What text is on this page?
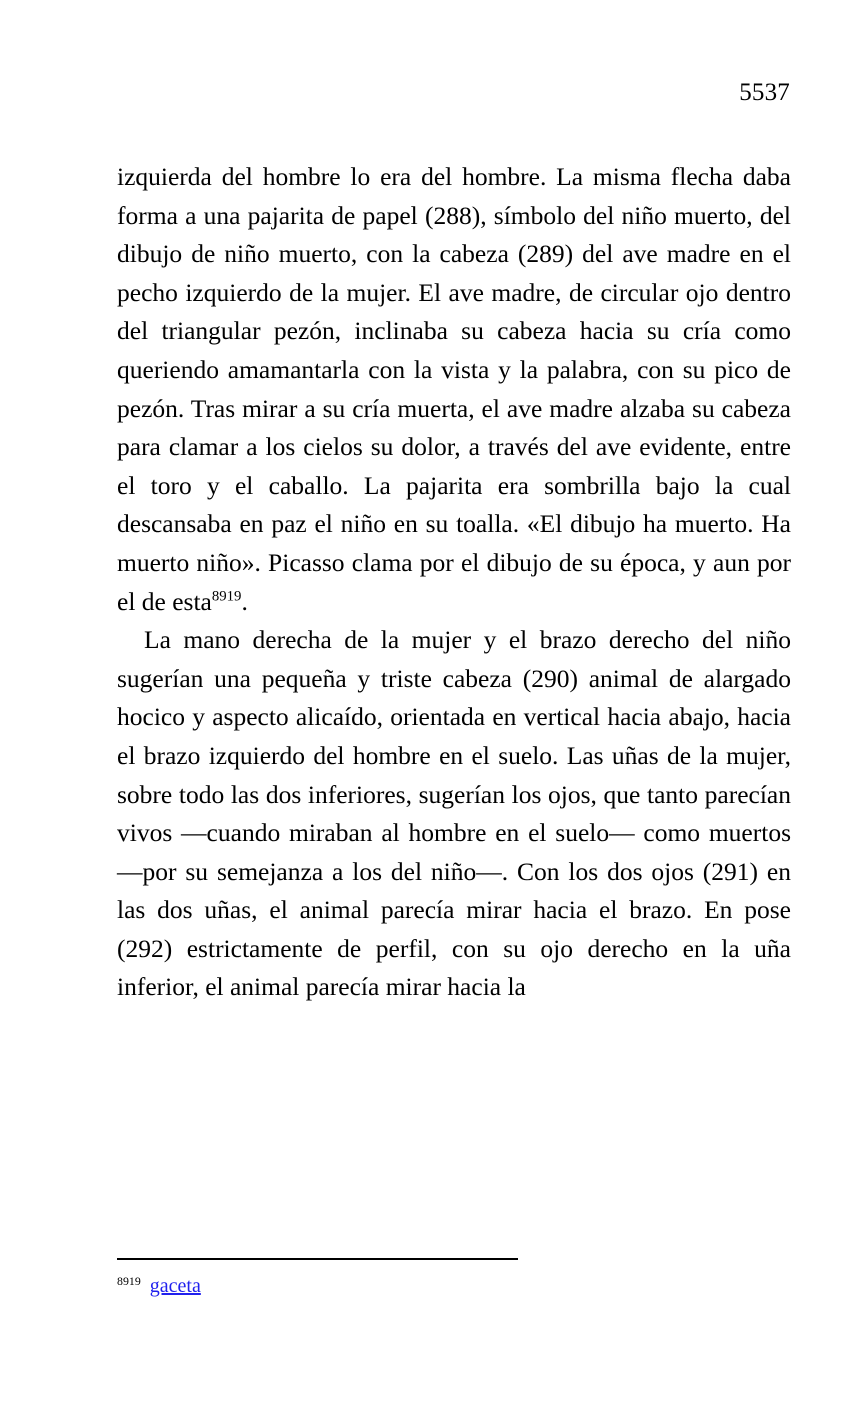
5537

izquierda del hombre lo era del hombre. La misma flecha daba forma a una pajarita de papel (288), símbolo del niño muerto, del dibujo de niño muerto, con la cabeza (289) del ave madre en el pecho izquierdo de la mujer. El ave madre, de circular ojo dentro del triangular pezón, inclinaba su cabeza hacia su cría como queriendo amamantarla con la vista y la palabra, con su pico de pezón. Tras mirar a su cría muerta, el ave madre alzaba su cabeza para clamar a los cielos su dolor, a través del ave evidente, entre el toro y el caballo. La pajarita era sombrilla bajo la cual descansaba en paz el niño en su toalla. «El dibujo ha muerto. Ha muerto niño». Picasso clama por el dibujo de su época, y aun por el de esta$^{8919}$.

La mano derecha de la mujer y el brazo derecho del niño sugerían una pequeña y triste cabeza (290) animal de alargado hocico y aspecto alicaído, orientada en vertical hacia abajo, hacia el brazo izquierdo del hombre en el suelo. Las uñas de la mujer, sobre todo las dos inferiores, sugerían los ojos, que tanto parecían vivos —cuando miraban al hombre en el suelo— como muertos —por su semejanza a los del niño—. Con los dos ojos (291) en las dos uñas, el animal parecía mirar hacia el brazo. En pose (292) estrictamente de perfil, con su ojo derecho en la uña inferior, el animal parecía mirar hacia la

$^{8919}$ gaceta
